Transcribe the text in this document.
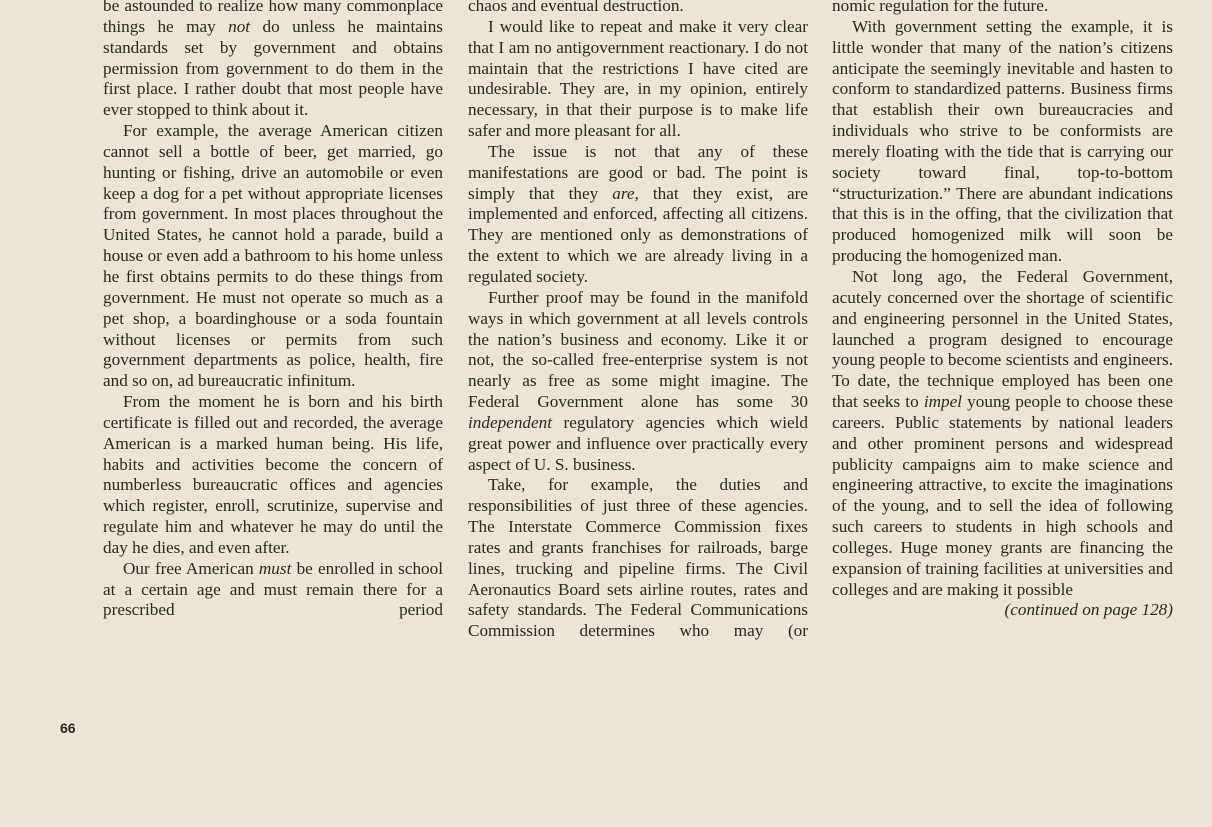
be astounded to realize how many commonplace things he may not do unless he maintains standards set by government and obtains permission from government to do them in the first place. I rather doubt that most people have ever stopped to think about it.

For example, the average American citizen cannot sell a bottle of beer, get married, go hunting or fishing, drive an automobile or even keep a dog for a pet without appropriate licenses from government. In most places throughout the United States, he cannot hold a parade, build a house or even add a bathroom to his home unless he first obtains permits to do these things from government. He must not operate so much as a pet shop, a boardinghouse or a soda fountain without licenses or permits from such government departments as police, health, fire and so on, ad bureaucratic infinitum.

From the moment he is born and his birth certificate is filled out and recorded, the average American is a marked human being. His life, habits and activities become the concern of numberless bureaucratic offices and agencies which register, enroll, scrutinize, supervise and regulate him and whatever he may do until the day he dies, and even after.

Our free American must be enrolled in school at a certain age and must remain there for a prescribed period

chaos and eventual destruction.

I would like to repeat and make it very clear that I am no antigovernment reactionary. I do not maintain that the restrictions I have cited are undesirable. They are, in my opinion, entirely necessary, in that their purpose is to make life safer and more pleasant for all.

The issue is not that any of these manifestations are good or bad. The point is simply that they are, that they exist, are implemented and enforced, affecting all citizens. They are mentioned only as demonstrations of the extent to which we are already living in a regulated society.

Further proof may be found in the manifold ways in which government at all levels controls the nation’s business and economy. Like it or not, the so-called free-enterprise system is not nearly as free as some might imagine. The Federal Government alone has some 30 independent regulatory agencies which wield great power and influence over practically every aspect of U. S. business.

Take, for example, the duties and responsibilities of just three of these agencies. The Interstate Commerce Commission fixes rates and grants franchises for railroads, barge lines, trucking and pipeline firms. The Civil Aeronautics Board sets airline routes, rates and safety standards. The Federal Communications Commission determines who may (or

nomic regulation for the future.

With government setting the example, it is little wonder that many of the nation’s citizens anticipate the seemingly inevitable and hasten to conform to standardized patterns. Business firms that establish their own bureaucracies and individuals who strive to be conformists are merely floating with the tide that is carrying our society toward final, top-to-bottom “structurization.” There are abundant indications that this is in the offing, that the civilization that produced homogenized milk will soon be producing the homogenized man.

Not long ago, the Federal Government, acutely concerned over the shortage of scientific and engineering personnel in the United States, launched a program designed to encourage young people to become scientists and engineers. To date, the technique employed has been one that seeks to impel young people to choose these careers. Public statements by national leaders and other prominent persons and widespread publicity campaigns aim to make science and engineering attractive, to excite the imaginations of the young, and to sell the idea of following such careers to students in high schools and colleges. Huge money grants are financing the expansion of training facilities at universities and colleges and are making it possible

(continued on page 128)

66
